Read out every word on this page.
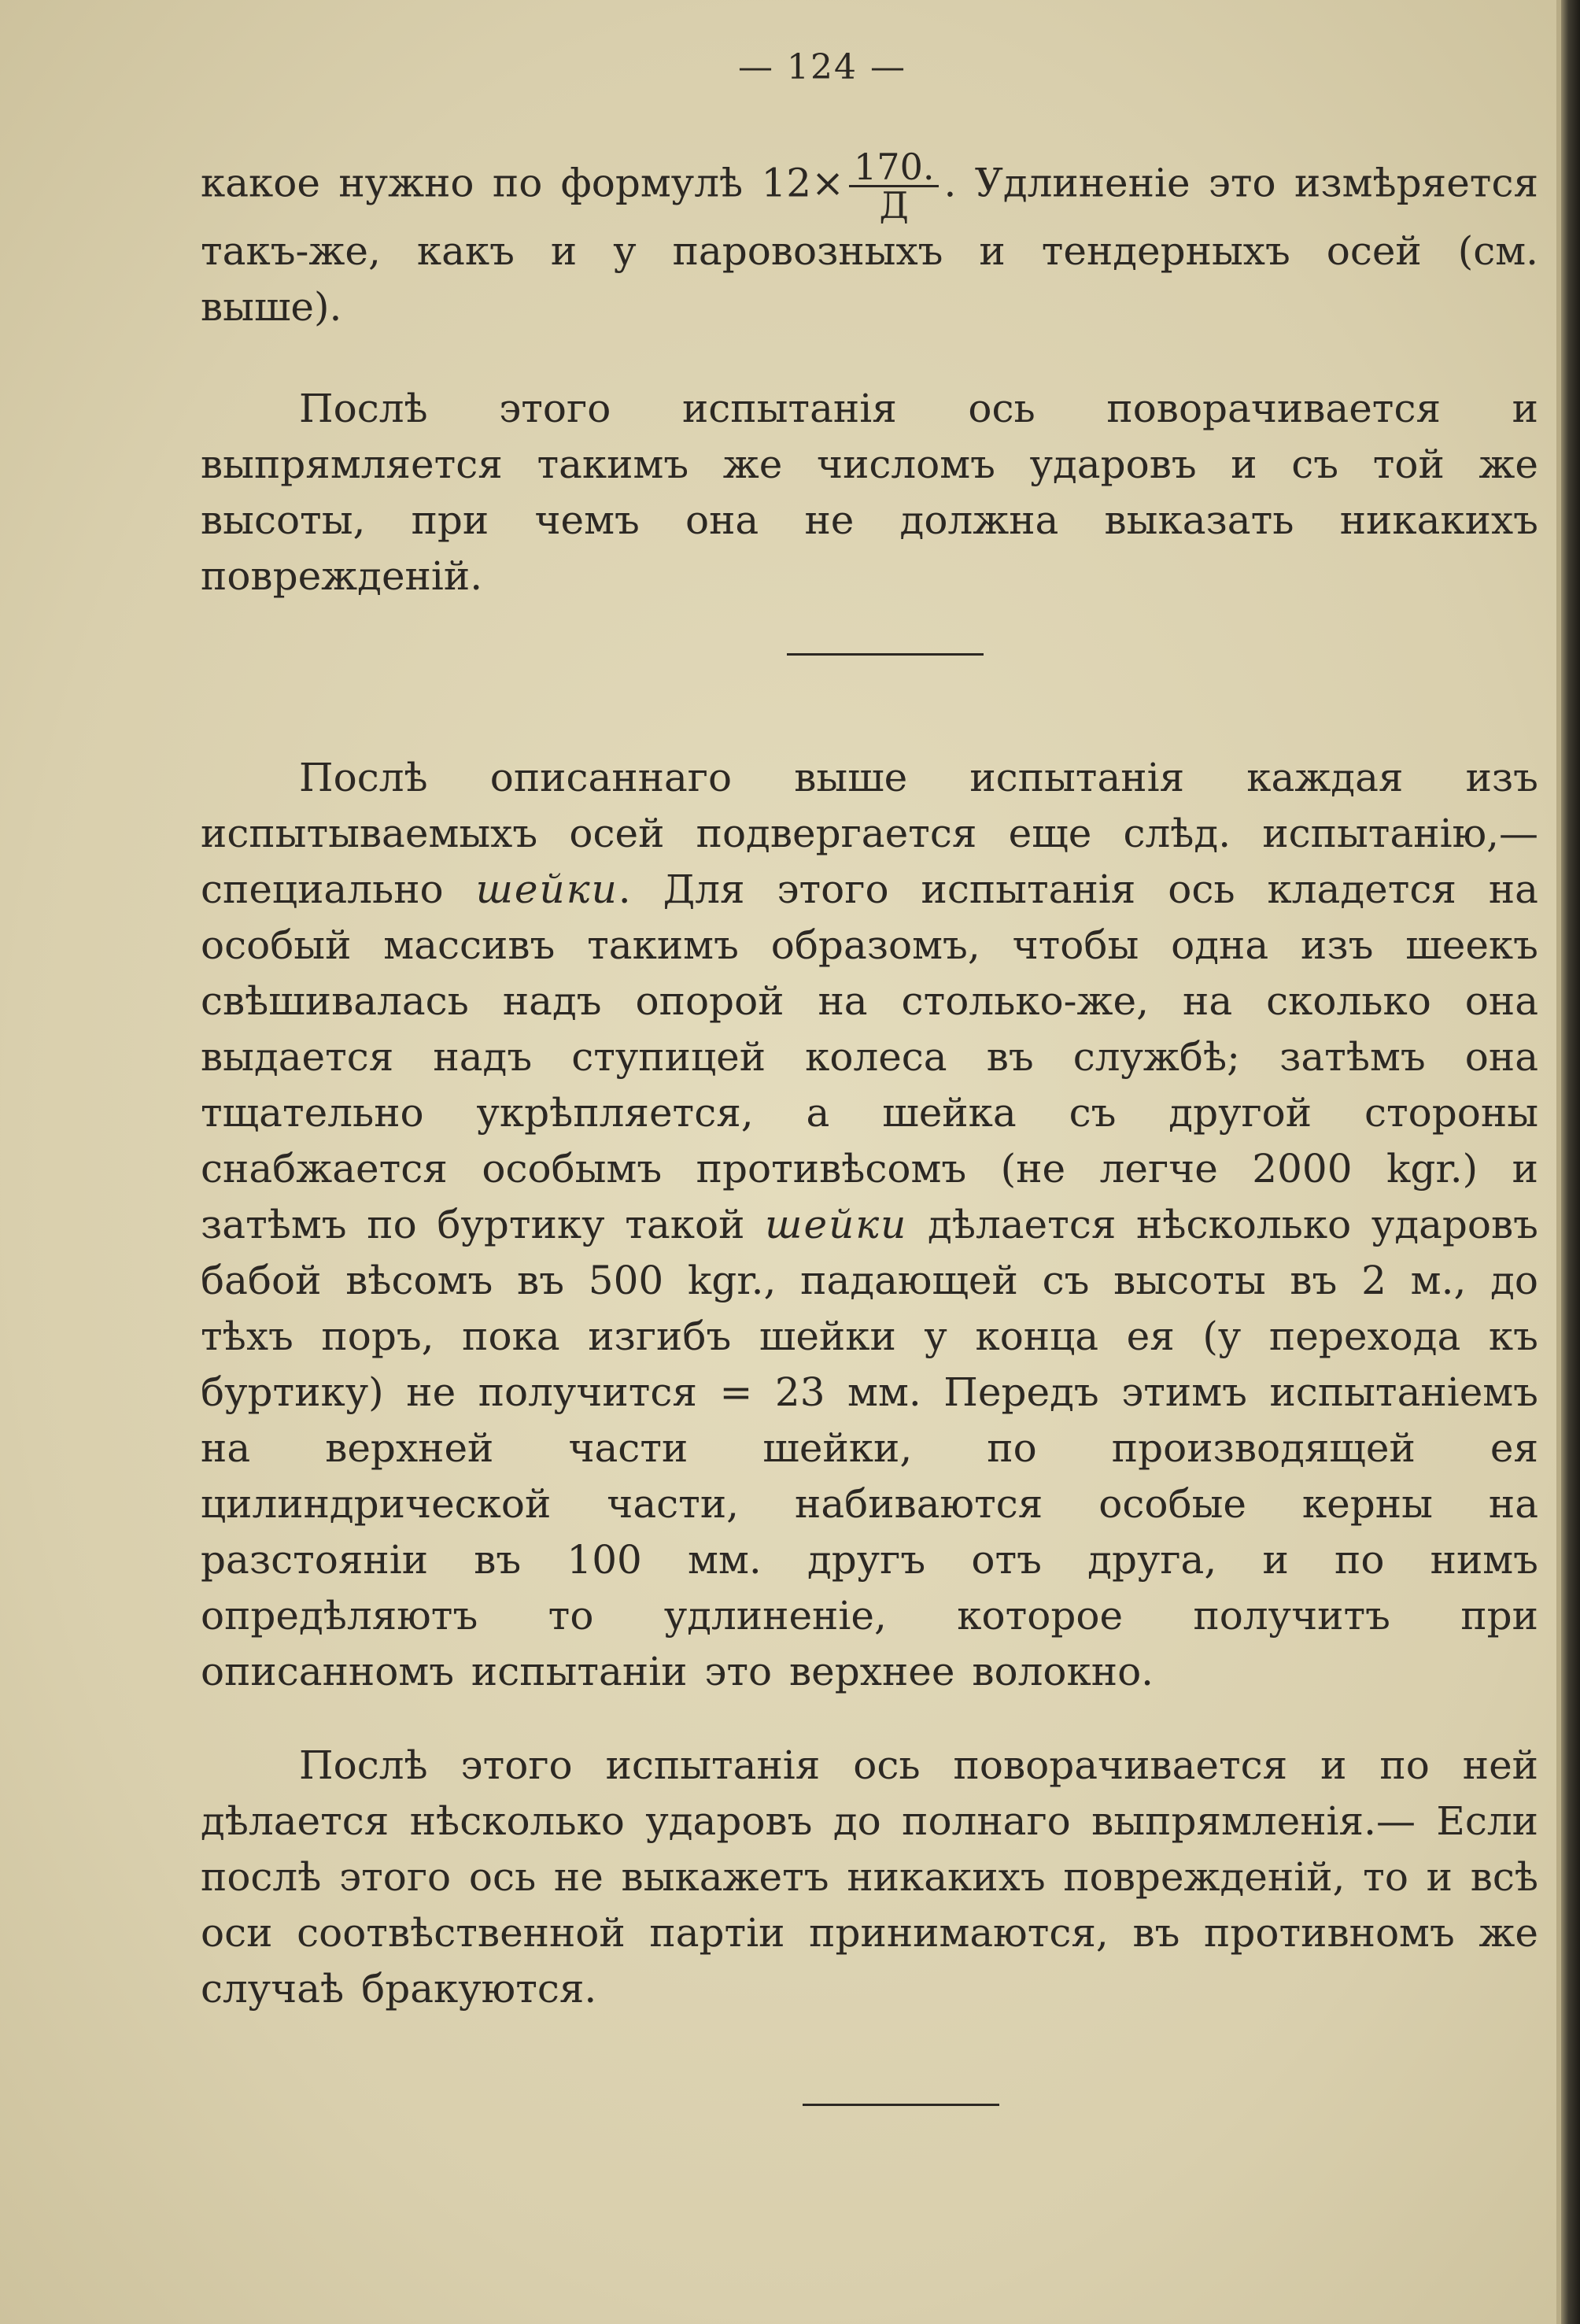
— 124 —

какое нужно по формулѣ $12\times \frac{170.}{Д}$ . Удлиненіе это измѣряется такъ-же, какъ и у паровозныхъ и тендерныхъ осей (см. выше).

Послѣ этого испытанія ось поворачивается и выпрямляется такимъ же числомъ ударовъ и съ той же высоты, при чемъ она не должна выказать никакихъ поврежденій.

Послѣ описаннаго выше испытанія каждая изъ испытываемыхъ осей подвергается еще слѣд. испытанію,— специально шейки. Для этого испытанія ось кладется на особый массивъ такимъ образомъ, чтобы одна изъ шеекъ свѣшивалась надъ опорой на столько-же, на сколько она выдается надъ ступицей колеса въ службѣ; затѣмъ она тщательно укрѣпляется, а шейка съ другой стороны снабжается особымъ противѣсомъ (не легче 2000 kgr.) и затѣмъ по буртику такой шейки дѣлается нѣсколько ударовъ бабой вѣсомъ въ 500 kgr., падающей съ высоты въ 2 м., до тѣхъ поръ, пока изгибъ шейки у конца ея (у перехода къ буртику) не получится = 23 мм. Передъ этимъ испытаніемъ на верхней части шейки, по производящей ея цилиндрической части, набиваются особые керны на разстояніи въ 100 мм. другъ отъ друга, и по нимъ опредѣляютъ то удлиненіе, которое получитъ при описанномъ испытаніи это верхнее волокно.

Послѣ этого испытанія ось поворачивается и по ней дѣлается нѣсколько ударовъ до полнаго выпрямленія.— Если послѣ этого ось не выкажетъ никакихъ поврежденій, то и всѣ оси соотвѣственной партіи принимаются, въ противномъ же случаѣ бракуются.
